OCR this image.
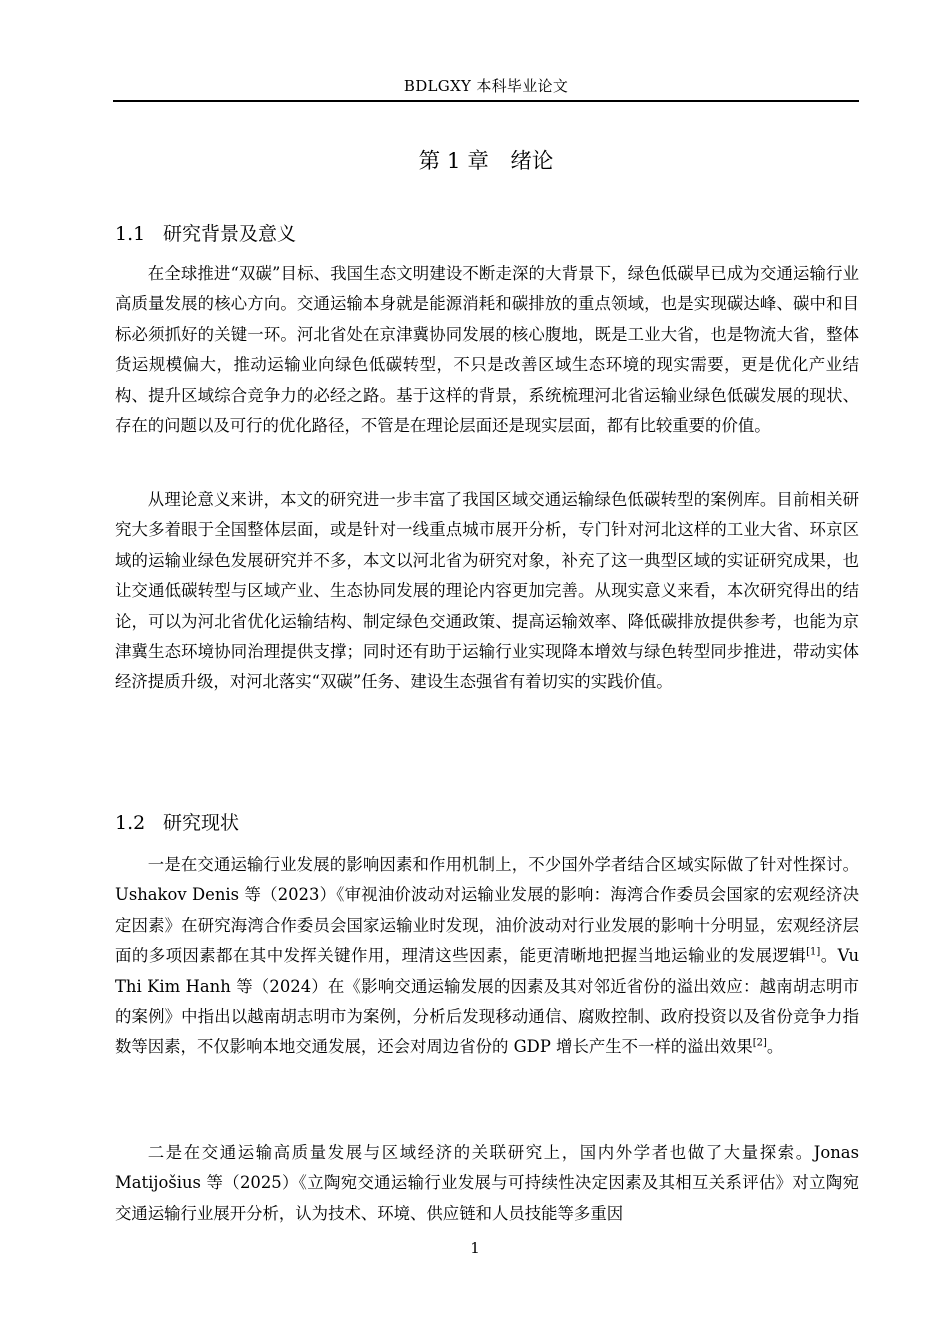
BDLGXY 本科毕业论文
第 1 章　绪论
1.1 研究背景及意义

在全球推进“双碳”目标、我国生态文明建设不断走深的大背景下，绿色低碳早已成为交通运输行业高质量发展的核心方向。交通运输本身就是能源消耗和碳排放的重点领域，也是实现碳达峰、碳中和目标必须抓好的关键一环。河北省处在京津冀协同发展的核心腹地，既是工业大省，也是物流大省，整体货运规模偏大，推动运输业向绿色低碳转型，不只是改善区域生态环境的现实需要，更是优化产业结构、提升区域综合竞争力的必经之路。基于这样的背景，系统梳理河北省运输业绿色低碳发展的现状、存在的问题以及可行的优化路径，不管是在理论层面还是现实层面，都有比较重要的价值。

从理论意义来讲，本文的研究进一步丰富了我国区域交通运输绿色低碳转型的案例库。目前相关研究大多着眼于全国整体层面，或是针对一线重点城市展开分析，专门针对河北这样的工业大省、环京区域的运输业绿色发展研究并不多，本文以河北省为研究对象，补充了这一典型区域的实证研究成果，也让交通低碳转型与区域产业、生态协同发展的理论内容更加完善。从现实意义来看，本次研究得出的结论，可以为河北省优化运输结构、制定绿色交通政策、提高运输效率、降低碳排放提供参考，也能为京津冀生态环境协同治理提供支撑；同时还有助于运输行业实现降本增效与绿色转型同步推进，带动实体经济提质升级，对河北落实“双碳”任务、建设生态强省有着切实的实践价值。

1.2 研究现状

一是在交通运输行业发展的影响因素和作用机制上，不少国外学者结合区域实际做了针对性探讨。Ushakov Denis 等（2023）《审视油价波动对运输业发展的影响：海湾合作委员会国家的宏观经济决定因素》在研究海湾合作委员会国家运输业时发现，油价波动对行业发展的影响十分明显，宏观经济层面的多项因素都在其中发挥关键作用，理清这些因素，能更清晰地把握当地运输业的发展逻辑[1]。Vu Thi Kim Hanh 等（2024）在《影响交通运输发展的因素及其对邻近省份的溢出效应：越南胡志明市的案例》中指出以越南胡志明市为案例，分析后发现移动通信、腐败控制、政府投资以及省份竞争力指数等因素，不仅影响本地交通发展，还会对周边省份的 GDP 增长产生不一样的溢出效果[2]。

二是在交通运输高质量发展与区域经济的关联研究上，国内外学者也做了大量探索。Jonas Matijošius 等（2025）《立陶宛交通运输行业发展与可持续性决定因素及其相互关系评估》对立陶宛交通运输行业展开分析，认为技术、环境、供应链和人员技能等多重因

1
